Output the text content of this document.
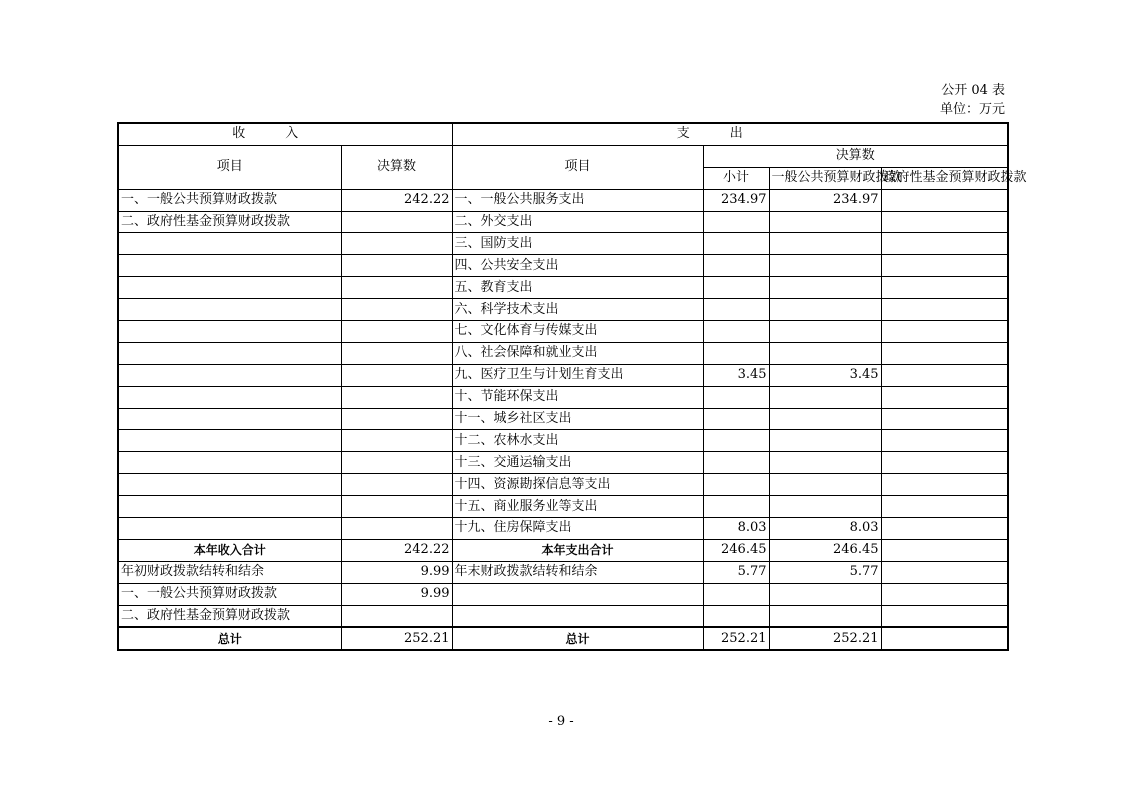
公开 04 表
单位：万元
收入		支出			
项目	决算数	项目	决算数		
			小计	一般公共预算财政拨款	政府性基金预算财政拨款

一、一般公共预算财政拨款	242.22	一、一般公共服务支出	234.97	234.97	
二、政府性基金预算财政拨款		二、外交支出			
		三、国防支出			
		四、公共安全支出			
		五、教育支出			
		六、科学技术支出			
		七、文化体育与传媒支出			
		八、社会保障和就业支出			
		九、医疗卫生与计划生育支出	3.45	3.45	
		十、节能环保支出			
		十一、城乡社区支出			
		十二、农林水支出			
		十三、交通运输支出			
		十四、资源勘探信息等支出			
		十五、商业服务业等支出			
		十九、住房保障支出	8.03	8.03	
本年收入合计	242.22	本年支出合计	246.45	246.45	
年初财政拨款结转和结余	9.99	年末财政拨款结转和结余	5.77	5.77	
一、一般公共预算财政拨款	9.99				
二、政府性基金预算财政拨款					
总计	252.21	总计	252.21	252.21	
- 9 -
